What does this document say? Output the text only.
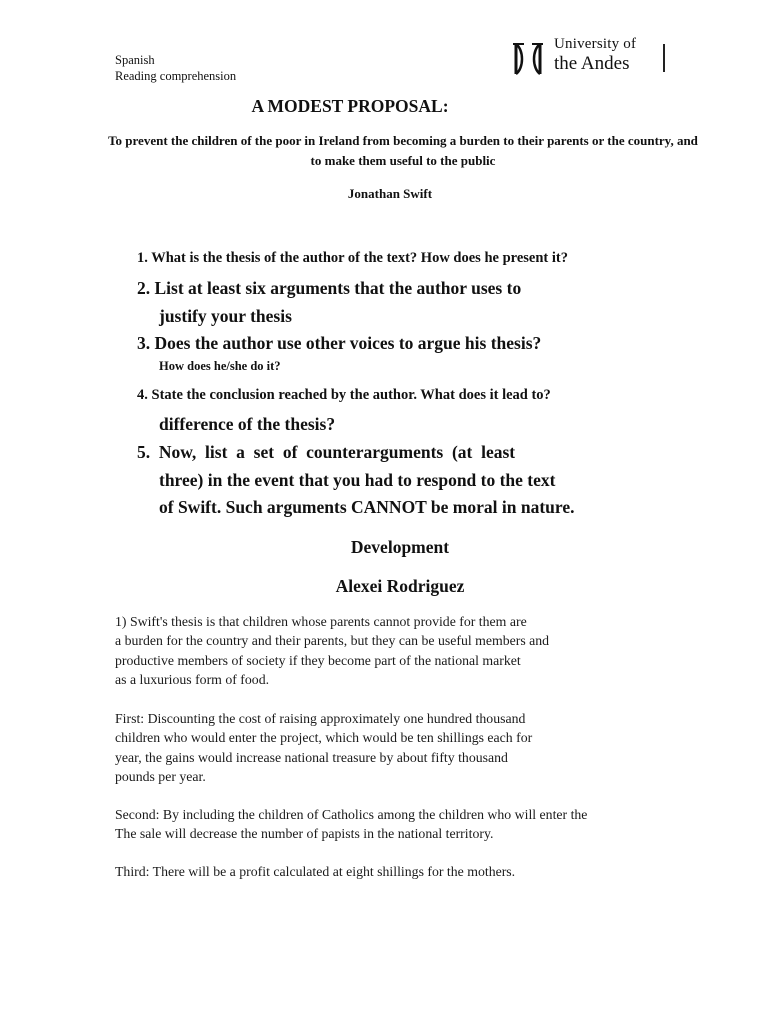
Spanish
Reading comprehension
University of
the Andes
A MODEST PROPOSAL:
To prevent the children of the poor in Ireland from becoming a burden to their parents or the country, and to make them useful to the public
Jonathan Swift
1. What is the thesis of the author of the text? How does he present it?
2. List at least six arguments that the author uses to
justify your thesis
3. Does the author use other voices to argue his thesis?
How does he/she do it?
4. State the conclusion reached by the author. What does it lead to?
difference of the thesis?
5.  Now,  list  a  set  of  counterarguments  (at  least
three) in the event that you had to respond to the text
of Swift. Such arguments CANNOT be moral in nature.
Development
Alexei Rodriguez
1) Swift's thesis is that children whose parents cannot provide for them are
a burden for the country and their parents, but they can be useful members and
productive members of society if they become part of the national market
as a luxurious form of food.
First: Discounting the cost of raising approximately one hundred thousand
children who would enter the project, which would be ten shillings each for
year, the gains would increase national treasure by about fifty thousand
pounds per year.
Second: By including the children of Catholics among the children who will enter the
The sale will decrease the number of papists in the national territory.
Third: There will be a profit calculated at eight shillings for the mothers.
